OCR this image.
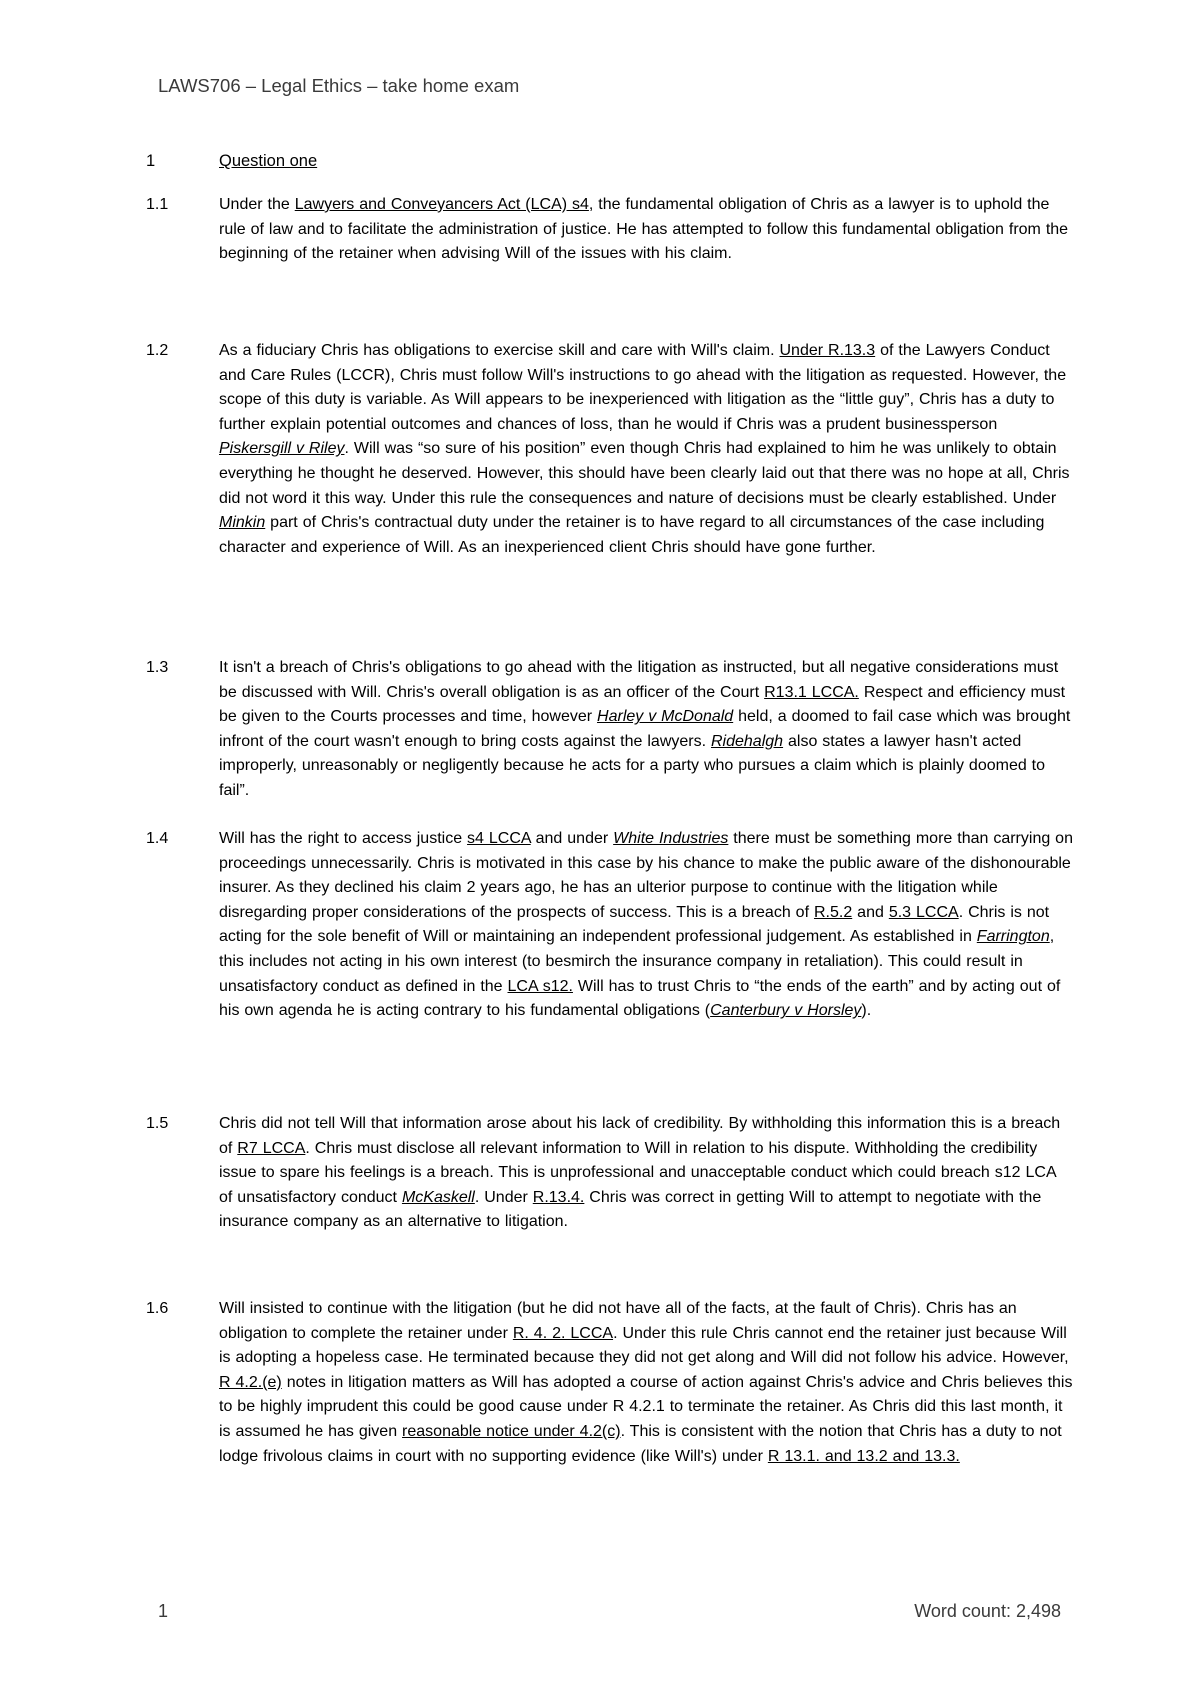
LAWS706 – Legal Ethics – take home exam
1	Question one
1.1	Under the Lawyers and Conveyancers Act (LCA) s4, the fundamental obligation of Chris as a lawyer is to uphold the rule of law and to facilitate the administration of justice. He has attempted to follow this fundamental obligation from the beginning of the retainer when advising Will of the issues with his claim.
1.2	As a fiduciary Chris has obligations to exercise skill and care with Will's claim. Under R.13.3 of the Lawyers Conduct and Care Rules (LCCR), Chris must follow Will's instructions to go ahead with the litigation as requested. However, the scope of this duty is variable. As Will appears to be inexperienced with litigation as the “little guy”, Chris has a duty to further explain potential outcomes and chances of loss, than he would if Chris was a prudent businessperson Piskersgill v Riley. Will was “so sure of his position” even though Chris had explained to him he was unlikely to obtain everything he thought he deserved. However, this should have been clearly laid out that there was no hope at all, Chris did not word it this way. Under this rule the consequences and nature of decisions must be clearly established. Under Minkin part of Chris's contractual duty under the retainer is to have regard to all circumstances of the case including character and experience of Will. As an inexperienced client Chris should have gone further.
1.3	It isn't a breach of Chris's obligations to go ahead with the litigation as instructed, but all negative considerations must be discussed with Will. Chris's overall obligation is as an officer of the Court R13.1 LCCA. Respect and efficiency must be given to the Courts processes and time, however Harley v McDonald held, a doomed to fail case which was brought infront of the court wasn't enough to bring costs against the lawyers. Ridehalgh also states a lawyer hasn't acted improperly, unreasonably or negligently because he acts for a party who pursues a claim which is plainly doomed to fail”.
1.4	Will has the right to access justice s4 LCCA and under White Industries there must be something more than carrying on proceedings unnecessarily. Chris is motivated in this case by his chance to make the public aware of the dishonourable insurer. As they declined his claim 2 years ago, he has an ulterior purpose to continue with the litigation while disregarding proper considerations of the prospects of success. This is a breach of R.5.2 and 5.3 LCCA. Chris is not acting for the sole benefit of Will or maintaining an independent professional judgement. As established in Farrington, this includes not acting in his own interest (to besmirch the insurance company in retaliation). This could result in unsatisfactory conduct as defined in the LCA s12. Will has to trust Chris to “the ends of the earth” and by acting out of his own agenda he is acting contrary to his fundamental obligations (Canterbury v Horsley).
1.5	Chris did not tell Will that information arose about his lack of credibility. By withholding this information this is a breach of R7 LCCA. Chris must disclose all relevant information to Will in relation to his dispute. Withholding the credibility issue to spare his feelings is a breach. This is unprofessional and unacceptable conduct which could breach s12 LCA of unsatisfactory conduct McKaskell. Under R.13.4. Chris was correct in getting Will to attempt to negotiate with the insurance company as an alternative to litigation.
1.6	Will insisted to continue with the litigation (but he did not have all of the facts, at the fault of Chris). Chris has an obligation to complete the retainer under R. 4. 2. LCCA. Under this rule Chris cannot end the retainer just because Will is adopting a hopeless case. He terminated because they did not get along and Will did not follow his advice. However, R 4.2.(e) notes in litigation matters as Will has adopted a course of action against Chris's advice and Chris believes this to be highly imprudent this could be good cause under R 4.2.1 to terminate the retainer. As Chris did this last month, it is assumed he has given reasonable notice under 4.2(c). This is consistent with the notion that Chris has a duty to not lodge frivolous claims in court with no supporting evidence (like Will's) under R 13.1. and 13.2 and 13.3.
1	Word count: 2,498
